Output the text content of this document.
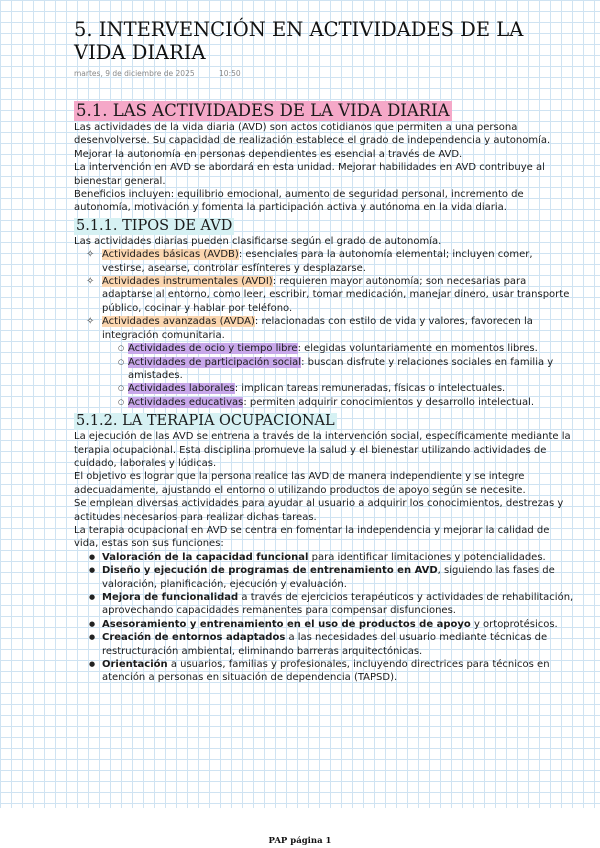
5. INTERVENCIÓN EN ACTIVIDADES DE LA VIDA DIARIA
martes, 9 de diciembre de 2025	10:50
5.1. LAS ACTIVIDADES DE LA VIDA DIARIA

Las actividades de la vida diaria (AVD) son actos cotidianos que permiten a una persona desenvolverse. Su capacidad de realización establece el grado de independencia y autonomía. Mejorar la autonomía en personas dependientes es esencial a través de AVD.

La intervención en AVD se abordará en esta unidad. Mejorar habilidades en AVD contribuye al bienestar general.

Beneficios incluyen: equilibrio emocional, aumento de seguridad personal, incremento de autonomía, motivación y fomenta la participación activa y autónoma en la vida diaria.

5.1.1. TIPOS DE AVD

Las actividades diarias pueden clasificarse según el grado de autonomía.

✧ Actividades básicas (AVDB): esenciales para la autonomía elemental; incluyen comer, vestirse, asearse, controlar esfínteres y desplazarse.
✧ Actividades instrumentales (AVDI): requieren mayor autonomía; son necesarias para adaptarse al entorno, como leer, escribir, tomar medicación, manejar dinero, usar transporte público, cocinar y hablar por teléfono.
✧ Actividades avanzadas (AVDA): relacionadas con estilo de vida y valores, favorecen la integración comunitaria.
○ Actividades de ocio y tiempo libre: elegidas voluntariamente en momentos libres.
○ Actividades de participación social: buscan disfrute y relaciones sociales en familia y amistades.
○ Actividades laborales: implican tareas remuneradas, físicas o intelectuales.
○ Actividades educativas: permiten adquirir conocimientos y desarrollo intelectual.
5.1.2. LA TERAPIA OCUPACIONAL

La ejecución de las AVD se entrena a través de la intervención social, específicamente mediante la terapia ocupacional. Esta disciplina promueve la salud y el bienestar utilizando actividades de cuidado, laborales y lúdicas.

El objetivo es lograr que la persona realice las AVD de manera independiente y se integre adecuadamente, ajustando el entorno o utilizando productos de apoyo según se necesite.

Se emplean diversas actividades para ayudar al usuario a adquirir los conocimientos, destrezas y actitudes necesarios para realizar dichas tareas.

La terapia ocupacional en AVD se centra en fomentar la independencia y mejorar la calidad de vida, estas son sus funciones:

● Valoración de la capacidad funcional para identificar limitaciones y potencialidades.
● Diseño y ejecución de programas de entrenamiento en AVD, siguiendo las fases de valoración, planificación, ejecución y evaluación.
● Mejora de funcionalidad a través de ejercicios terapéuticos y actividades de rehabilitación, aprovechando capacidades remanentes para compensar disfunciones.
● Asesoramiento y entrenamiento en el uso de productos de apoyo y ortoprotésicos.
● Creación de entornos adaptados a las necesidades del usuario mediante técnicas de restructuración ambiental, eliminando barreras arquitectónicas.
● Orientación a usuarios, familias y profesionales, incluyendo directrices para técnicos en atención a personas en situación de dependencia (TAPSD).
PAP página 1
